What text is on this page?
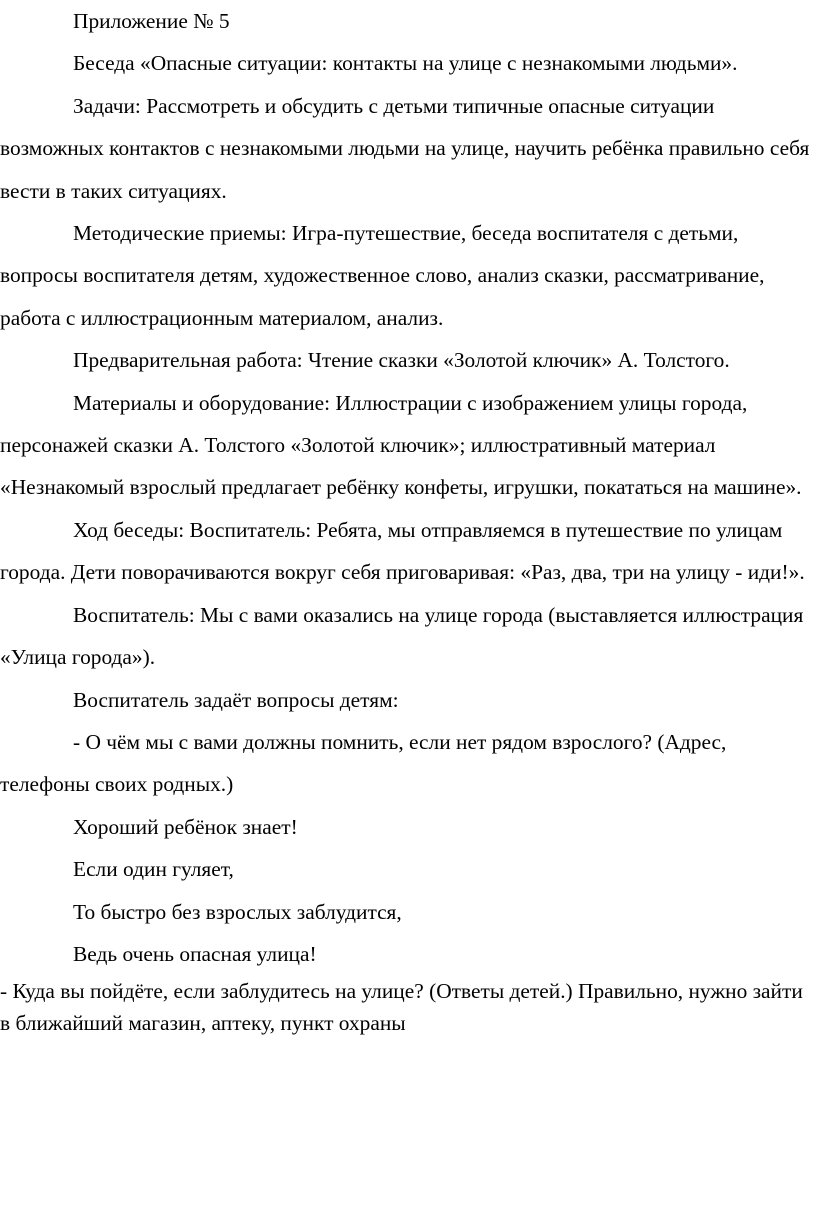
Приложение № 5

Беседа «Опасные ситуации: контакты на улице с незнакомыми людьми».

Задачи: Рассмотреть и обсудить с детьми типичные опасные ситуации возможных контактов с незнакомыми людьми на улице, научить ребёнка правильно себя вести в таких ситуациях.

Методические приемы: Игра-путешествие, беседа воспитателя с детьми, вопросы воспитателя детям, художественное слово, анализ сказки, рассматривание, работа с иллюстрационным материалом, анализ.

Предварительная работа: Чтение сказки «Золотой ключик» А. Толстого.

Материалы и оборудование: Иллюстрации с изображением улицы города, персонажей сказки А. Толстого «Золотой ключик»; иллюстративный материал «Незнакомый взрослый предлагает ребёнку конфеты, игрушки, покататься на машине».

Ход беседы: Воспитатель: Ребята, мы отправляемся в путешествие по улицам города. Дети поворачиваются вокруг себя приговаривая: «Раз, два, три на улицу - иди!».

Воспитатель: Мы с вами оказались на улице города (выставляется иллюстрация «Улица города»).

Воспитатель задаёт вопросы детям:

- О чём мы с вами должны помнить, если нет рядом взрослого? (Адрес, телефоны своих родных.)

Хороший ребёнок знает!

Если один гуляет,

То быстро без взрослых заблудится,

Ведь очень опасная улица!

- Куда вы пойдёте, если заблудитесь на улице? (Ответы детей.) Правильно, нужно зайти в ближайший магазин, аптеку, пункт охраны
